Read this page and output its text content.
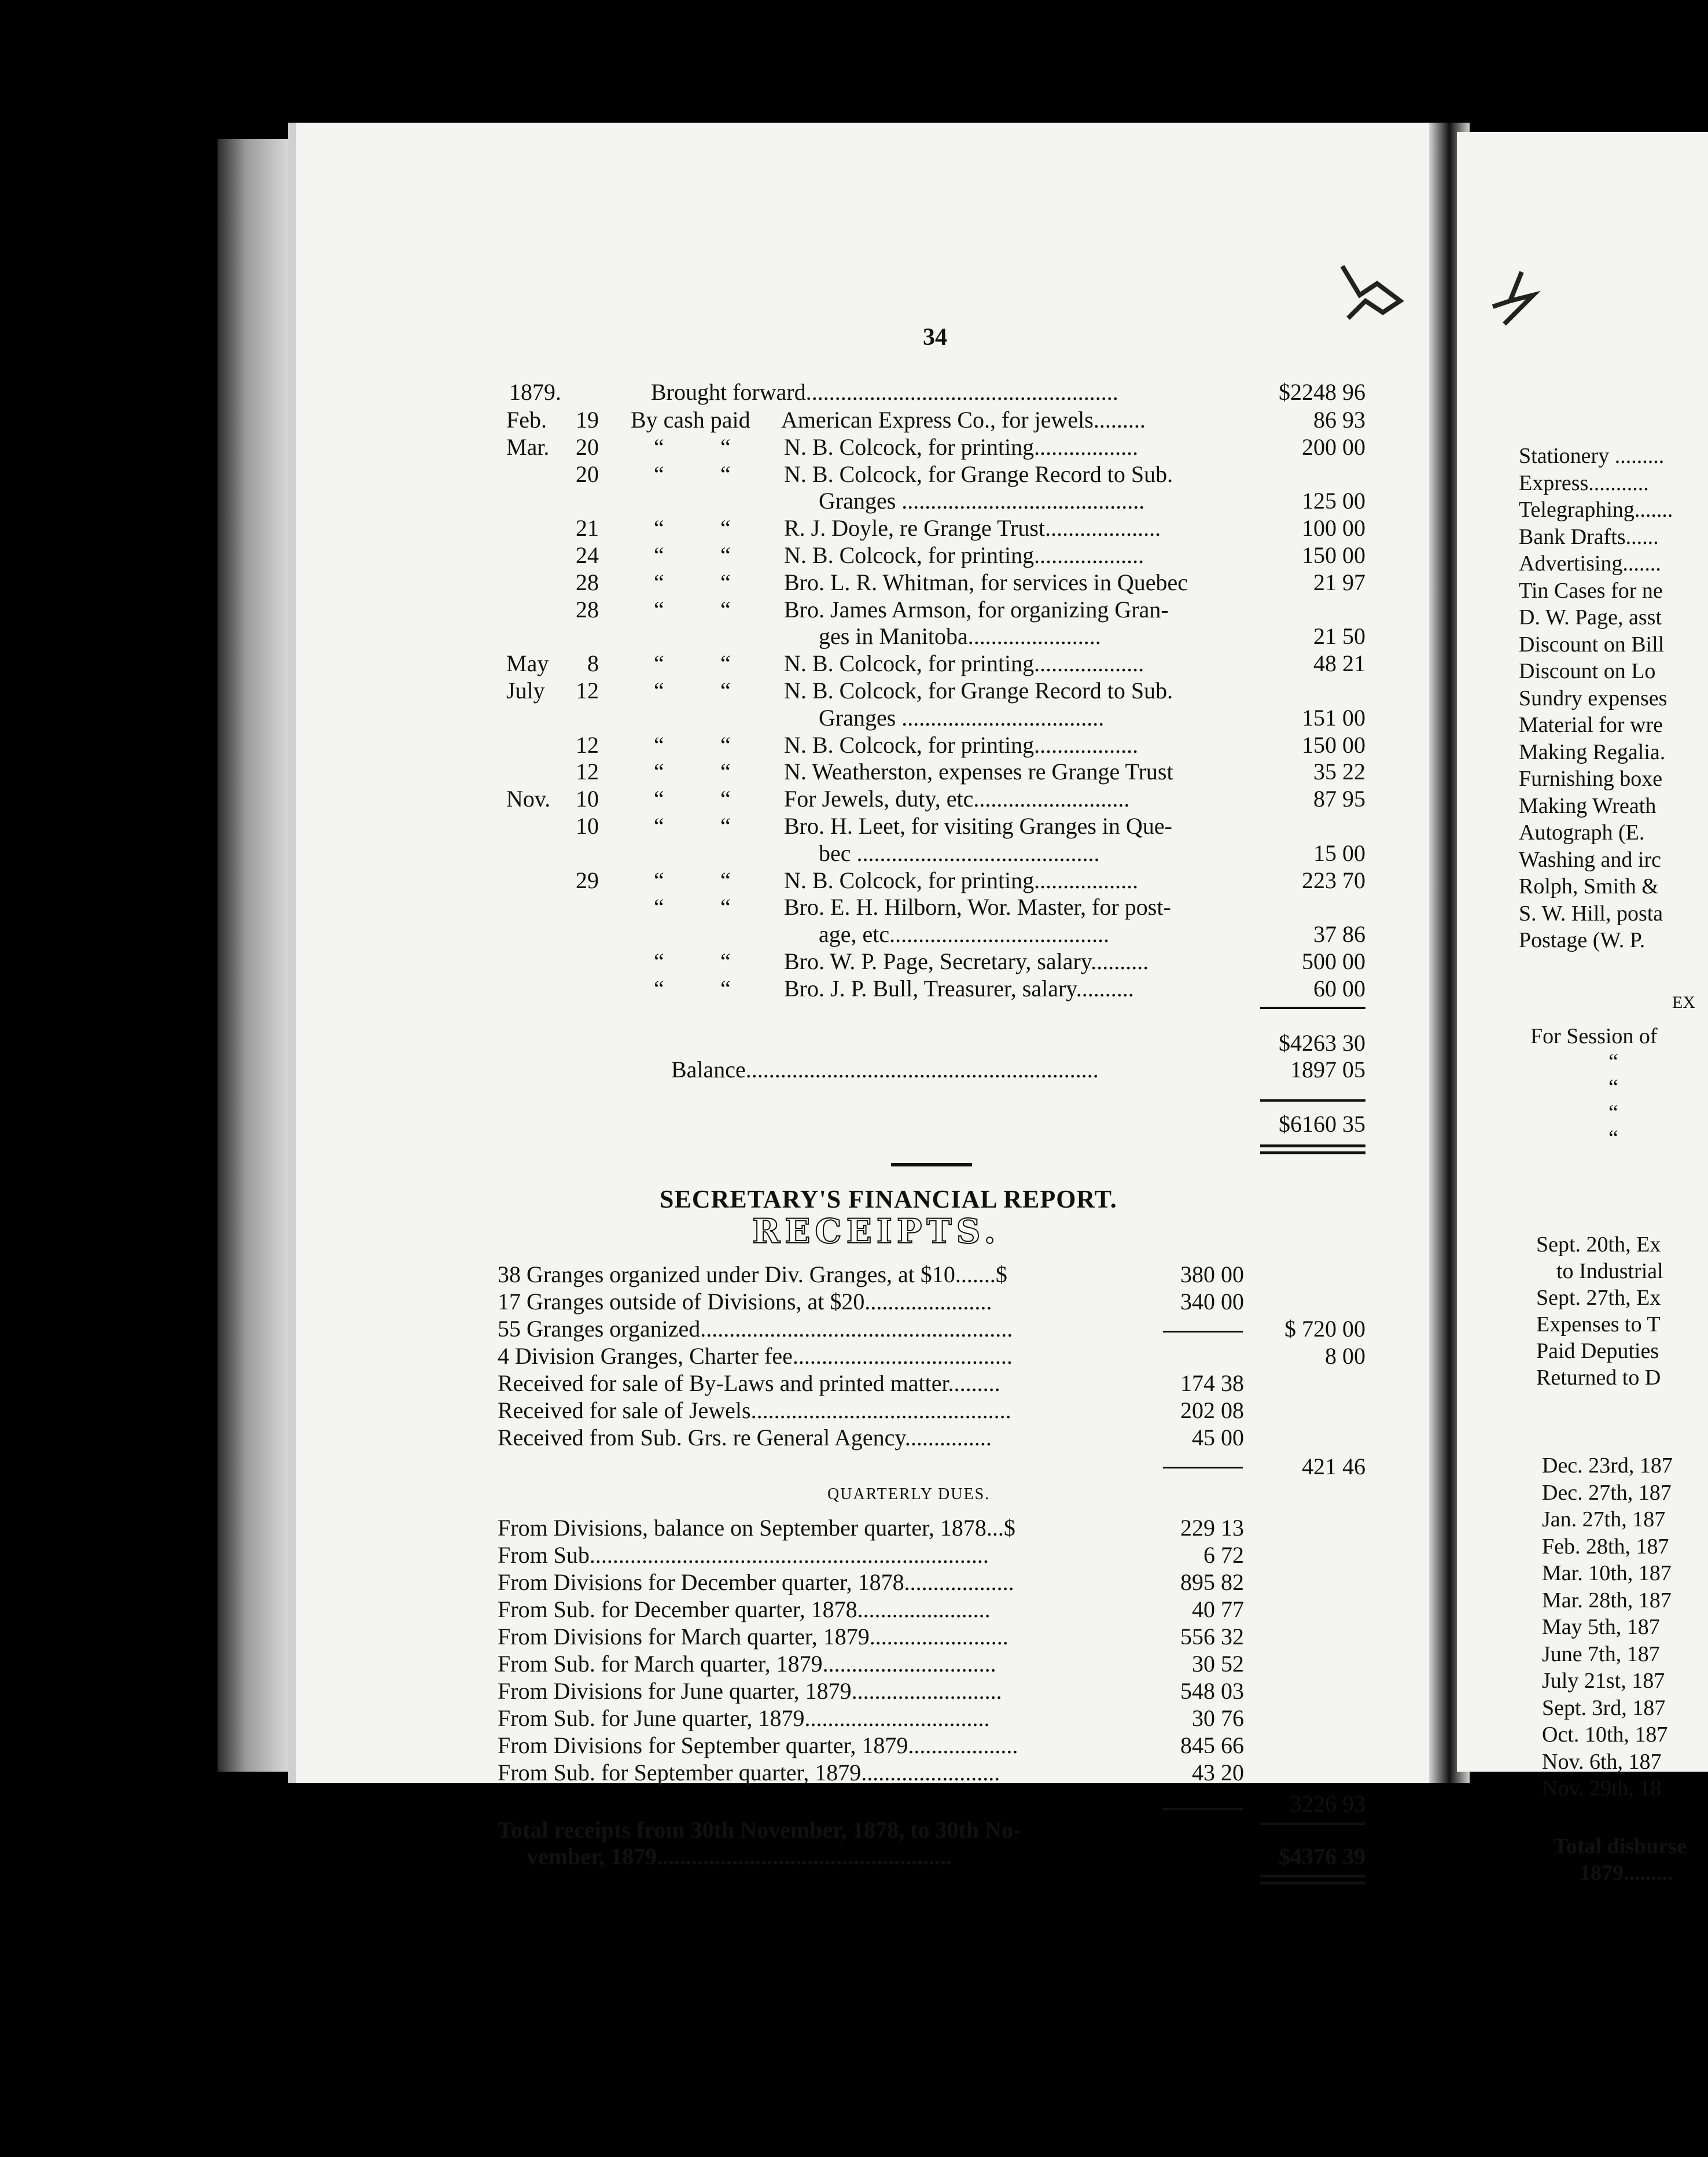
34
1879.	Brought forward......................................................	$2248 96
Feb. 19 By cash paid American Express Co., for jewels.........	86 93
Mar. 20 “ “ N. B. Colcock, for printing..................	200 00
20 “ “ N. B. Colcock, for Grange Record to Sub.
Granges ..........................................	125 00
21 “ “ R. J. Doyle, re Grange Trust....................	100 00
24 “ “ N. B. Colcock, for printing...................	150 00
28 “ “ Bro. L. R. Whitman, for services in Quebec	21 97
28 “ “ Bro. James Armson, for organizing Gran-
ges in Manitoba.......................	21 50
May	8 “ “ N. B. Colcock, for printing...................	48 21
July 12 “ “ N. B. Colcock, for Grange Record to Sub.
Granges ...................................	151 00
12 “ “ N. B. Colcock, for printing..................	150 00
12 “ “ N. Weatherston, expenses re Grange Trust	35 22
Nov. 10 “ “ For Jewels, duty, etc...........................	87 95
10 “ “ Bro. H. Leet, for visiting Granges in Que-
bec ..........................................	15 00
29 “ “ N. B. Colcock, for printing..................	223 70
“ “ Bro. E. H. Hilborn, Wor. Master, for post-
age, etc......................................	37 86
“ “ Bro. W. P. Page, Secretary, salary..........	500 00
“ “ Bro. J. P. Bull, Treasurer, salary..........	60 00
$4263 30
Balance.............................................................	1897 05
$6160 35
SECRETARY'S FINANCIAL REPORT.
RECEIPTS.
38 Granges organized under Div. Granges, at $10.......$	380 00
17 Granges outside of Divisions, at $20......................	340 00
55 Granges organized......................................................	$ 720 00
4 Division Granges, Charter fee......................................	8 00
Received for sale of By-Laws and printed matter.........	174 38
Received for sale of Jewels.............................................	202 08
Received from Sub. Grs. re General Agency...............	45 00
421 46
QUARTERLY DUES.
From Divisions, balance on September quarter, 1878...$	229 13
From Sub.....................................................................	6 72
From Divisions for December quarter, 1878...................	895 82
From Sub. for December quarter, 1878.......................	40 77
From Divisions for March quarter, 1879........................	556 32
From Sub. for March quarter, 1879..............................	30 52
From Divisions for June quarter, 1879..........................	548 03
From Sub. for June quarter, 1879................................	30 76
From Divisions for September quarter, 1879...................	845 66
From Sub. for September quarter, 1879........................	43 20
3226 93
Total receipts from 30th November, 1878, to 30th No-
vember, 1879...................................................	$4376 39
Stationery .........
Express...........
Telegraphing.......
Bank Drafts......
Advertising.......
Tin Cases for ne
D. W. Page, asst
Discount on Bill
Discount on Lo
Sundry expenses
Material for wre
Making Regalia.
Furnishing boxe
Making Wreath
Autograph (E.
Washing and irc
Rolph, Smith &
S. W. Hill, posta
Postage (W. P.
EX
For Session of
“
“
“
“
Sept. 20th, Ex
to Industrial
Sept. 27th, Ex
Expenses to T
Paid Deputies
Returned to D
Dec. 23rd, 187
Dec. 27th, 187
Jan. 27th, 187
Feb. 28th, 187
Mar. 10th, 187
Mar. 28th, 187
May 5th, 187
June 7th, 187
July 21st, 187
Sept. 3rd, 187
Oct. 10th, 187
Nov. 6th, 187
Nov. 29th, 18
Total disburse
1879.........
